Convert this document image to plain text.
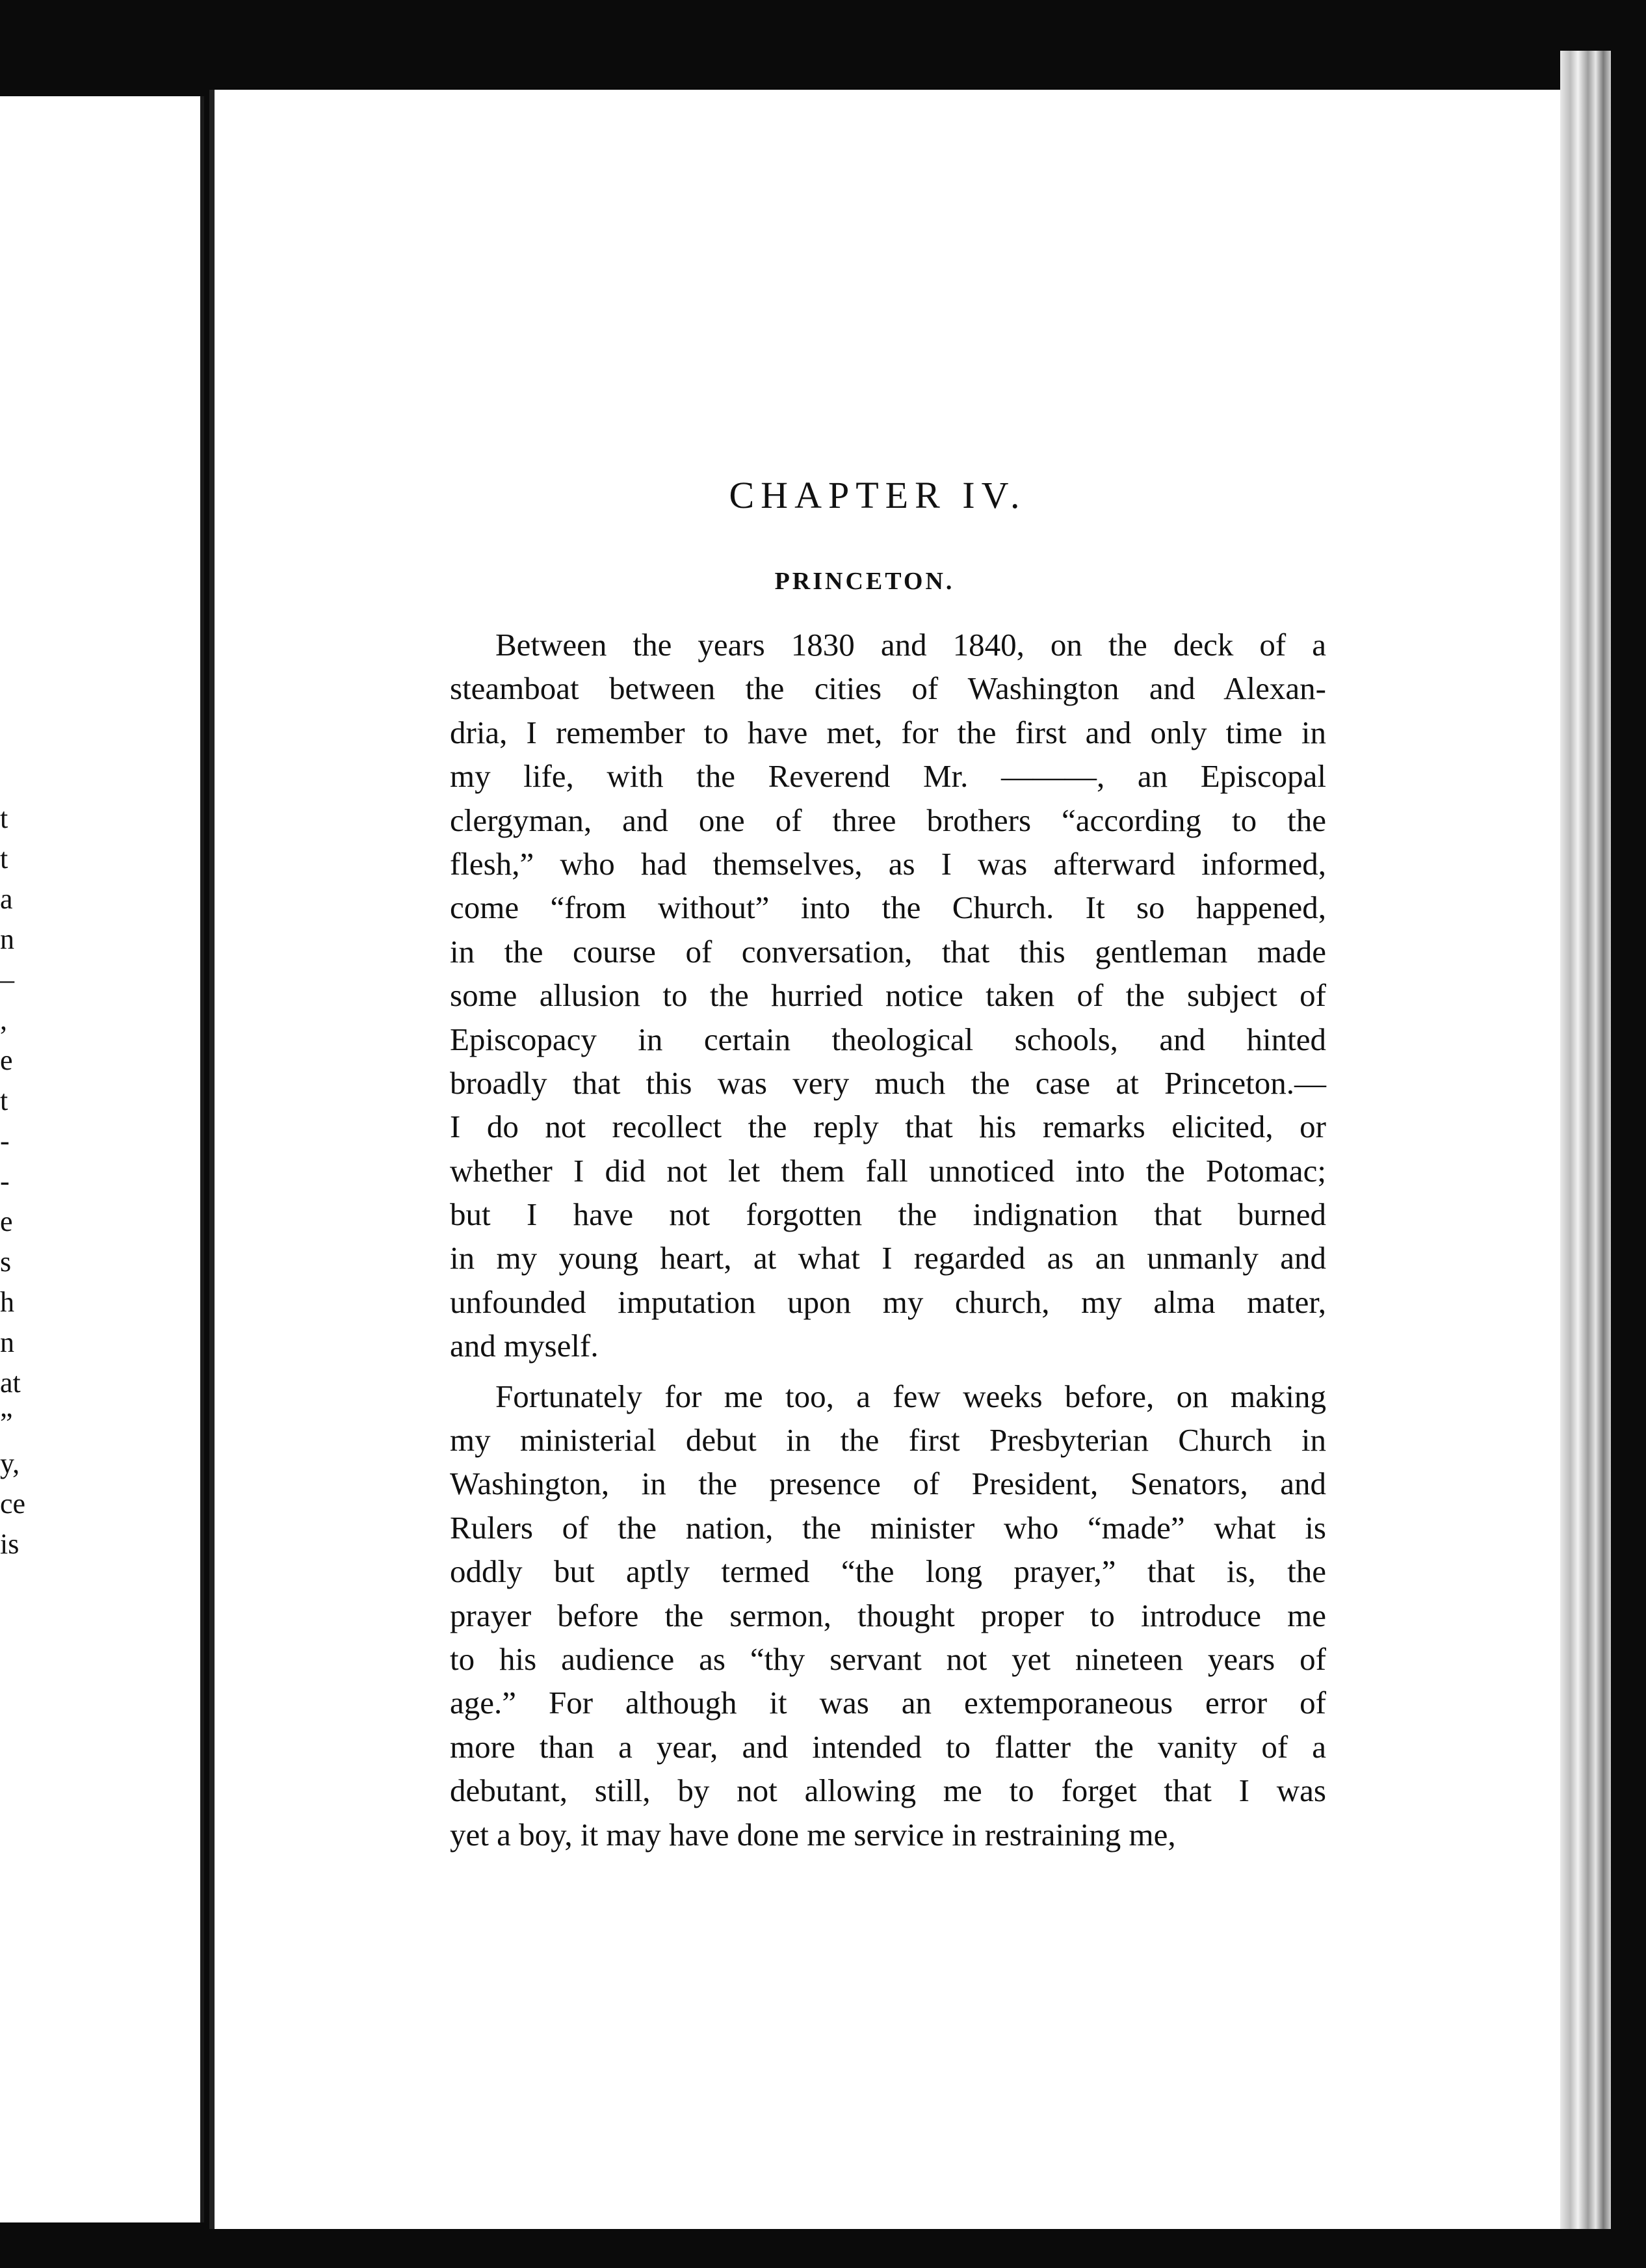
t
t
a
n
–
,
e
t
-
-
e
s
h
n
at
”
y,
ce
is
CHAPTER IV.
PRINCETON.
Between the years 1830 and 1840, on the deck of a
steamboat between the cities of Washington and Alexan-
dria, I remember to have met, for the first and only time in
my life, with the Reverend Mr. ———, an Episcopal
clergyman, and one of three brothers “according to the
flesh,” who had themselves, as I was afterward informed,
come “from without” into the Church. It so happened,
in the course of conversation, that this gentleman made
some allusion to the hurried notice taken of the subject of
Episcopacy in certain theological schools, and hinted
broadly that this was very much the case at Princeton.—
I do not recollect the reply that his remarks elicited, or
whether I did not let them fall unnoticed into the Potomac;
but I have not forgotten the indignation that burned
in my young heart, at what I regarded as an unmanly and
unfounded imputation upon my church, my alma mater,
and myself.
Fortunately for me too, a few weeks before, on making
my ministerial debut in the first Presbyterian Church in
Washington, in the presence of President, Senators, and
Rulers of the nation, the minister who “made” what is
oddly but aptly termed “the long prayer,” that is, the
prayer before the sermon, thought proper to introduce me
to his audience as “thy servant not yet nineteen years of
age.” For although it was an extemporaneous error of
more than a year, and intended to flatter the vanity of a
debutant, still, by not allowing me to forget that I was
yet a boy, it may have done me service in restraining me,
